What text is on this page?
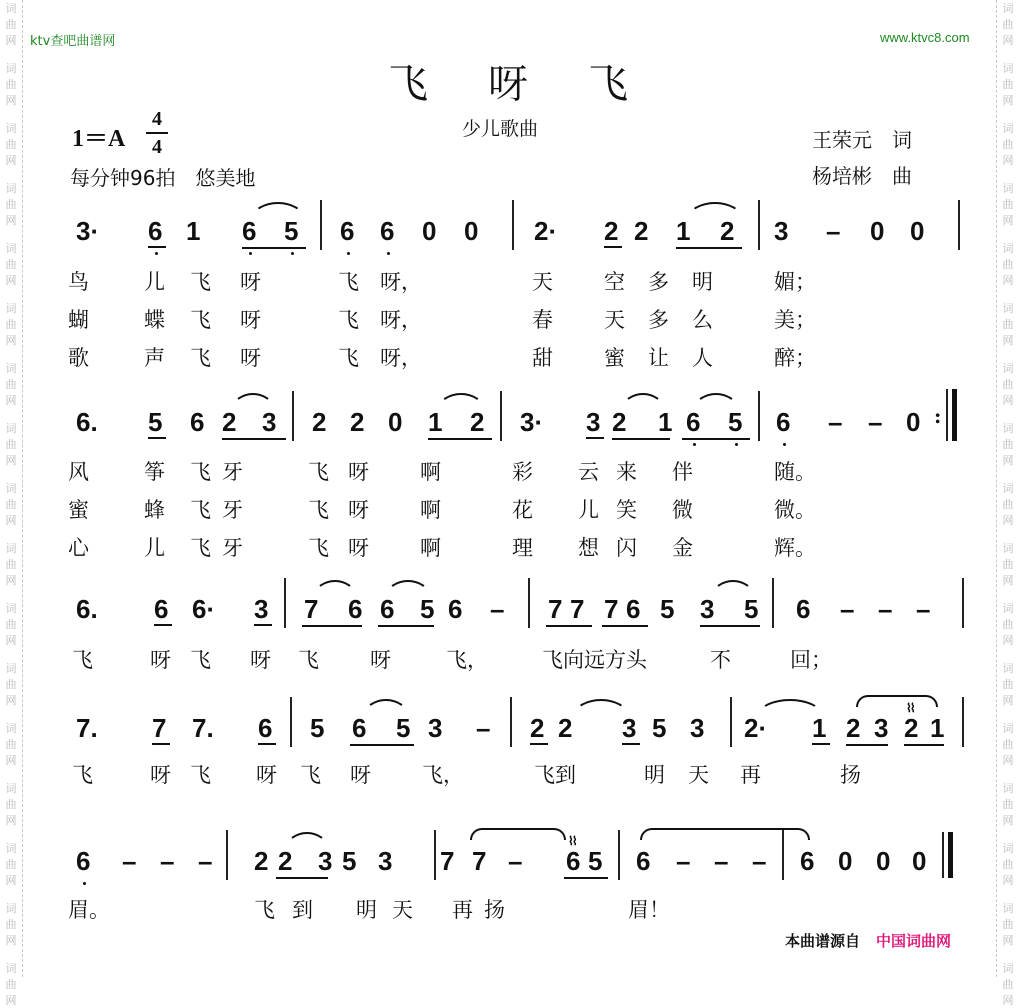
词
曲
网
词
曲
网
词
曲
网
词
曲
网
词
曲
网
词
曲
网
词
曲
网
词
曲
网
词
曲
网
词
曲
网
词
曲
网
词
曲
网
词
曲
网
词
曲
网
词
曲
网
词
曲
网
词
曲
网
词
曲
网
词
曲
网
词
曲
网
词
曲
网
词
曲
网
词
曲
网
词
曲
网
词
曲
网
词
曲
网
词
曲
网
词
曲
网
词
曲
网
词
曲
网
词
曲
网
词
曲
网
词
曲
网
词
曲
网
ktv查吧曲谱网	www.ktvc8.com
飞呀飞
少儿歌曲
1＝A
4
4
每分钟96拍　悠美地
王荣元　词
杨培彬　曲
3·	6 1 6 5 6 6 0 0 2·	2 2 1 2 3 – 0 0
鸟	儿 飞 呀	飞 呀，	天 空 多 明	媚；
蝴	蝶 飞 呀	飞 呀，	春 天 多 么	美；
歌	声 飞 呀	飞 呀，	甜 蜜 让 人	醉；
6.	5 6 2 3 2 2 0 1 2 3·	3 2 1 6 5 6 – – 0 :
风	筝 飞 牙	飞 呀 啊	彩 云 来 伴	随。
蜜	蜂 飞 牙	飞 呀 啊	花 儿 笑 微	微。
心	儿 飞 牙	飞 呀 啊	理 想 闪 金	辉。
6.	6 6·	3 7 6 6 5 6 – 7 7 7 6 5 3 5 6 – – –
飞	呀 飞 呀 飞 呀	飞，	飞向远方头	不	回；
7.	7 7.	6 5 6 5 3 – 2 2 3 5 3 2·	1 2 3 2 1
⌇⌇
飞	呀 飞 呀 飞 呀 飞，	飞到	明 天 再	扬
6 – – – 2 2 3 5 3 7 7 – 6 5 6 – – – 6 0 0 0
⌇⌇
眉。	飞 到 明 天 再 扬	眉！
本曲谱源自 中国词曲网
